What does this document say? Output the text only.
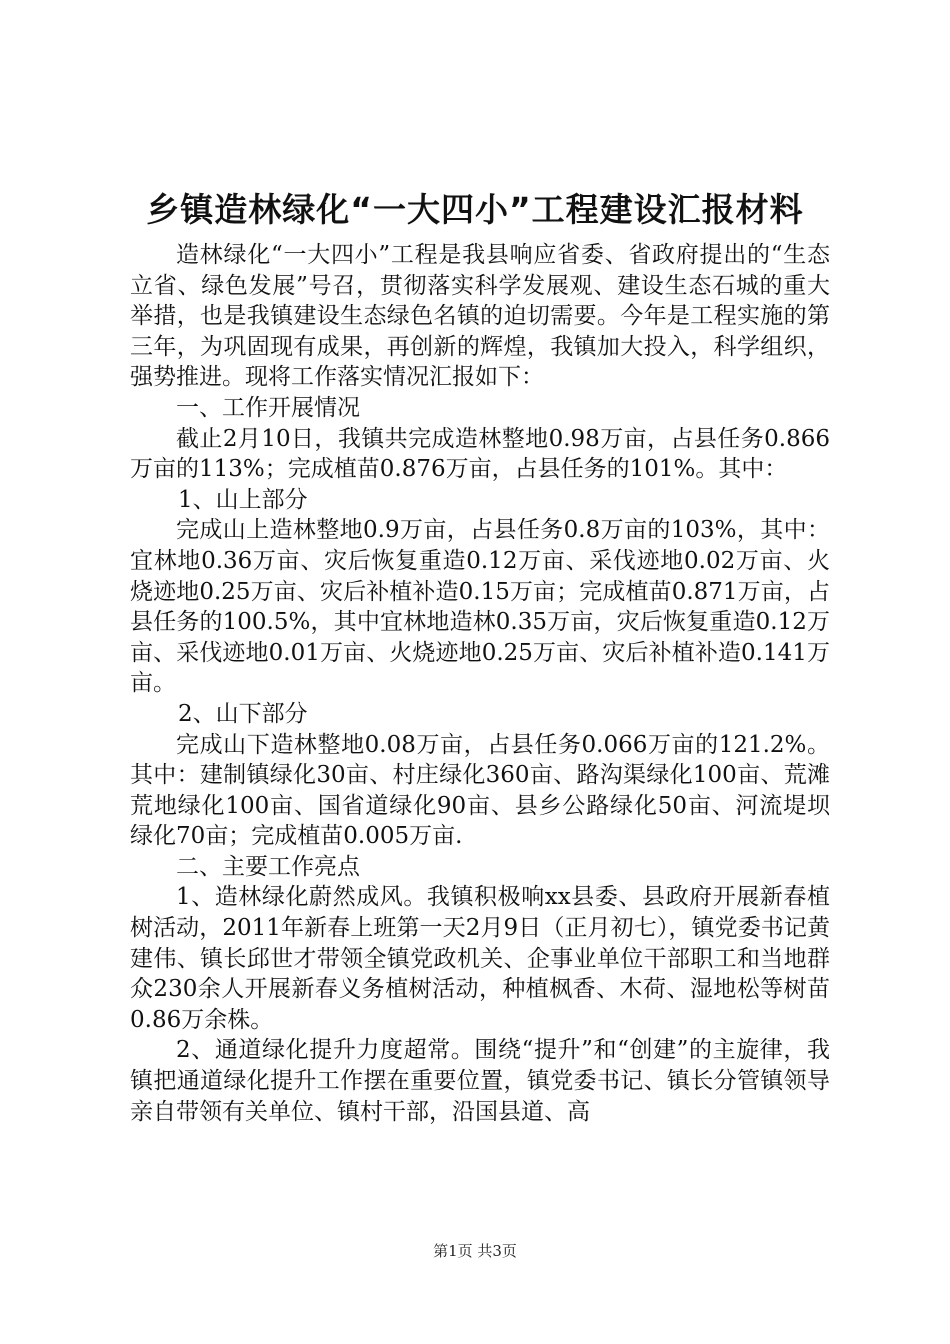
乡镇造林绿化“一大四小”工程建设汇报材料

造林绿化“一大四小”工程是我县响应省委、省政府提出的“生态立省、绿色发展”号召，贯彻落实科学发展观、建设生态石城的重大举措，也是我镇建设生态绿色名镇的迫切需要。今年是工程实施的第三年，为巩固现有成果，再创新的辉煌，我镇加大投入，科学组织，强势推进。现将工作落实情况汇报如下：

一、工作开展情况

截止2月10日，我镇共完成造林整地0.98万亩，占县任务0.866万亩的113%；完成植苗0.876万亩，占县任务的101%。其中：

1、山上部分

完成山上造林整地0.9万亩，占县任务0.8万亩的103%，其中：宜林地0.36万亩、灾后恢复重造0.12万亩、采伐迹地0.02万亩、火烧迹地0.25万亩、灾后补植补造0.15万亩；完成植苗0.871万亩，占县任务的100.5%，其中宜林地造林0.35万亩，灾后恢复重造0.12万亩、采伐迹地0.01万亩、火烧迹地0.25万亩、灾后补植补造0.141万亩。

2、山下部分

完成山下造林整地0.08万亩，占县任务0.066万亩的121.2%。其中：建制镇绿化30亩、村庄绿化360亩、路沟渠绿化100亩、荒滩荒地绿化100亩、国省道绿化90亩、县乡公路绿化50亩、河流堤坝绿化70亩；完成植苗0.005万亩.

二、主要工作亮点

1、造林绿化蔚然成风。我镇积极响xx县委、县政府开展新春植树活动，2011年新春上班第一天2月9日（正月初七），镇党委书记黄建伟、镇长邱世才带领全镇党政机关、企事业单位干部职工和当地群众230余人开展新春义务植树活动，种植枫香、木荷、湿地松等树苗0.86万余株。

2、通道绿化提升力度超常。围绕“提升”和“创建”的主旋律，我镇把通道绿化提升工作摆在重要位置，镇党委书记、镇长分管镇领导亲自带领有关单位、镇村干部，沿国县道、高

第1页 共3页
